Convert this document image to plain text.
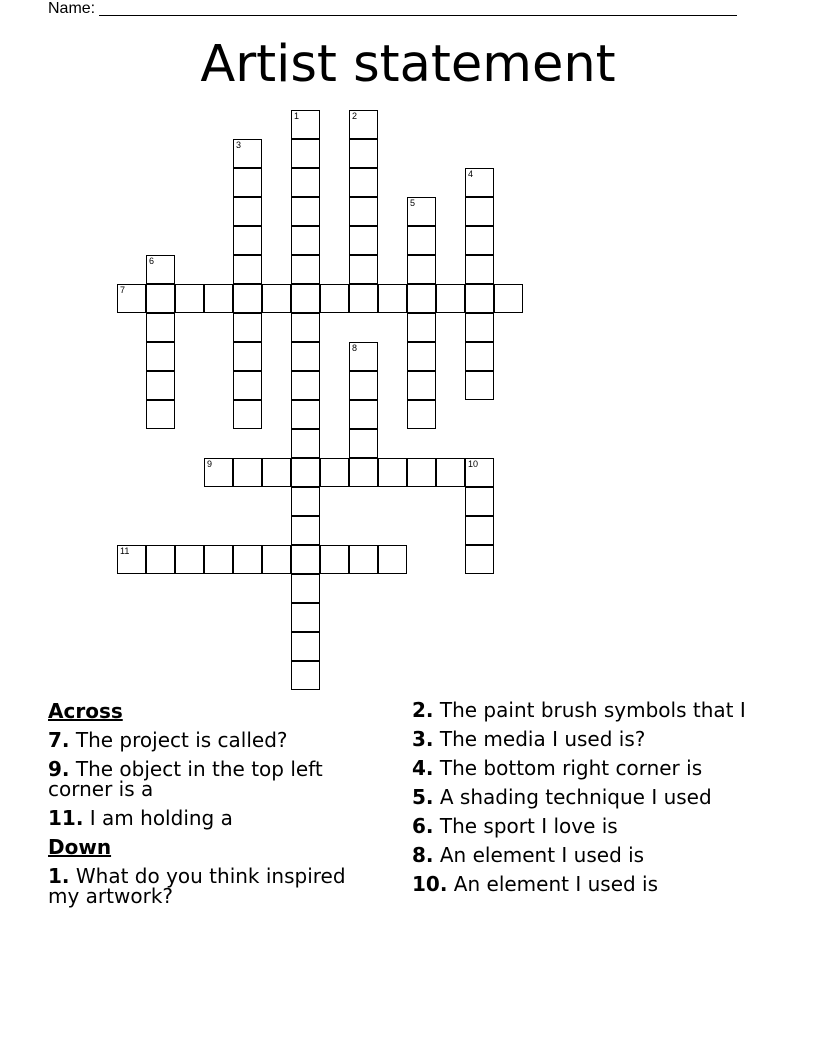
Name:
Artist statement
1	2
3
4
5
6
7
8
9	10
11
Across
7. The project is called?
9. The object in the top left corner is a
11. I am holding a
Down
1. What do you think inspired my artwork?
2. The paint brush symbols that I
3. The media I used is?
4. The bottom right corner is
5. A shading technique I used
6. The sport I love is
8. An element I used is
10. An element I used is
